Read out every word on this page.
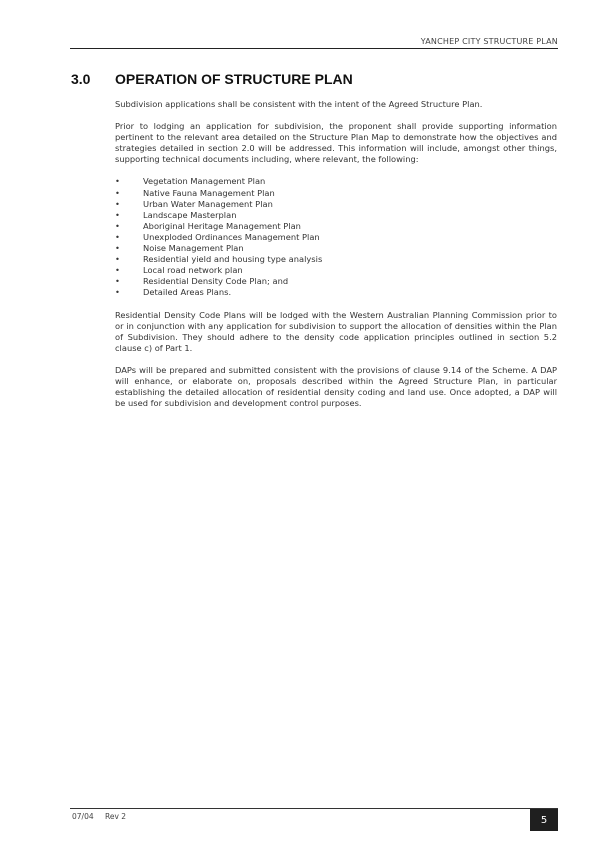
YANCHEP CITY STRUCTURE PLAN
3.0 OPERATION OF STRUCTURE PLAN

Subdivision applications shall be consistent with the intent of the Agreed Structure Plan.

Prior to lodging an application for subdivision, the proponent shall provide supporting information pertinent to the relevant area detailed on the Structure Plan Map to demonstrate how the objectives and strategies detailed in section 2.0 will be addressed. This information will include, amongst other things, supporting technical documents including, where relevant, the following:

•	Vegetation Management Plan
•	Native Fauna Management Plan
•	Urban Water Management Plan
•	Landscape Masterplan
•	Aboriginal Heritage Management Plan
•	Unexploded Ordinances Management Plan
•	Noise Management Plan
•	Residential yield and housing type analysis
•	Local road network plan
•	Residential Density Code Plan; and
•	Detailed Areas Plans.

Residential Density Code Plans will be lodged with the Western Australian Planning Commission prior to or in conjunction with any application for subdivision to support the allocation of densities within the Plan of Subdivision. They should adhere to the density code application principles outlined in section 5.2 clause c) of Part 1.

DAPs will be prepared and submitted consistent with the provisions of clause 9.14 of the Scheme. A DAP will enhance, or elaborate on, proposals described within the Agreed Structure Plan, in particular establishing the detailed allocation of residential density coding and land use. Once adopted, a DAP will be used for subdivision and development control purposes.

07/04 Rev 2	5
